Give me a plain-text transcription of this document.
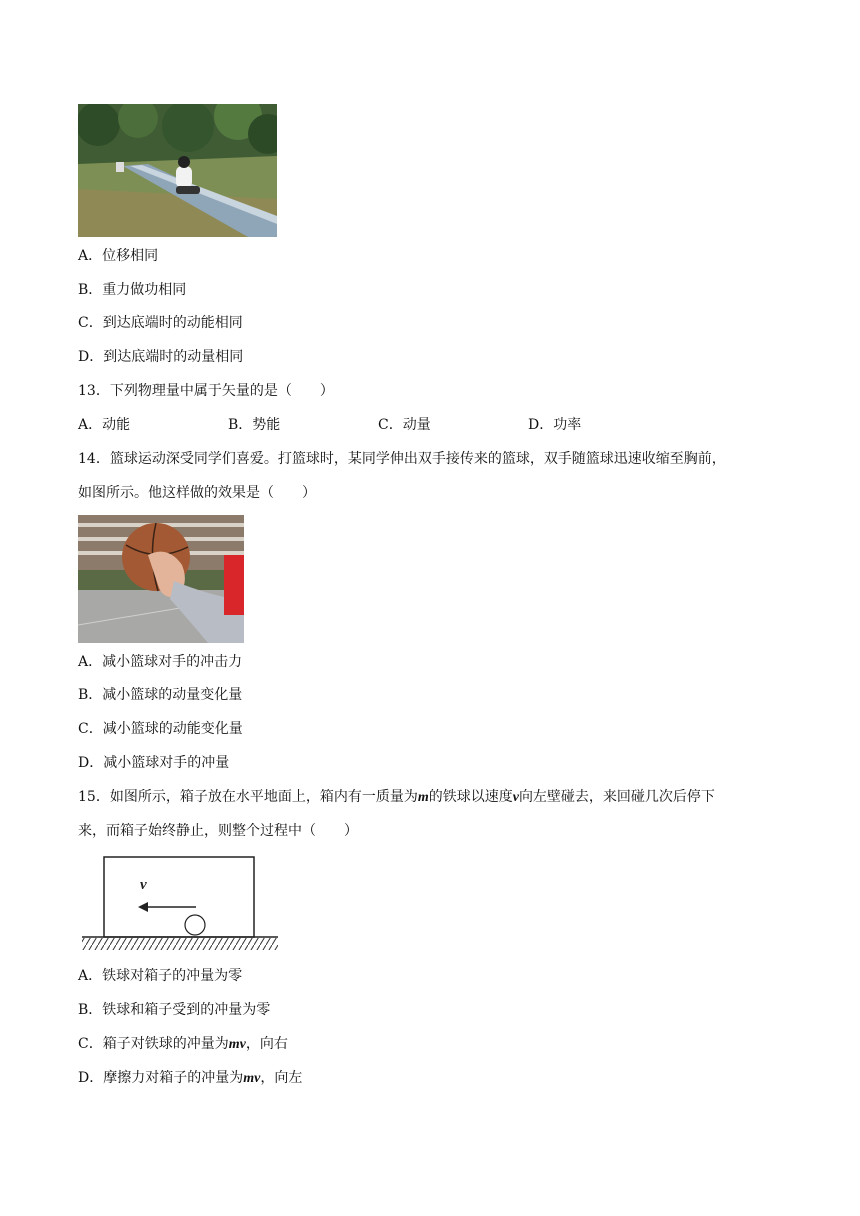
A．位移相同
B．重力做功相同
C．到达底端时的动能相同
D．到达底端时的动量相同
13．下列物理量中属于矢量的是（　　）
A．动能	B．势能	C．动量	D．功率
14．篮球运动深受同学们喜爱。打篮球时，某同学伸出双手接传来的篮球，双手随篮球迅速收缩至胸前，
如图所示。他这样做的效果是（　　）
A．减小篮球对手的冲击力
B．减小篮球的动量变化量
C．减小篮球的动能变化量
D．减小篮球对手的冲量
15．如图所示，箱子放在水平地面上，箱内有一质量为m的铁球以速度v向左壁碰去，来回碰几次后停下
来，而箱子始终静止，则整个过程中（　　）
v
A．铁球对箱子的冲量为零
B．铁球和箱子受到的冲量为零
C．箱子对铁球的冲量为mv，向右
D．摩擦力对箱子的冲量为mv，向左
